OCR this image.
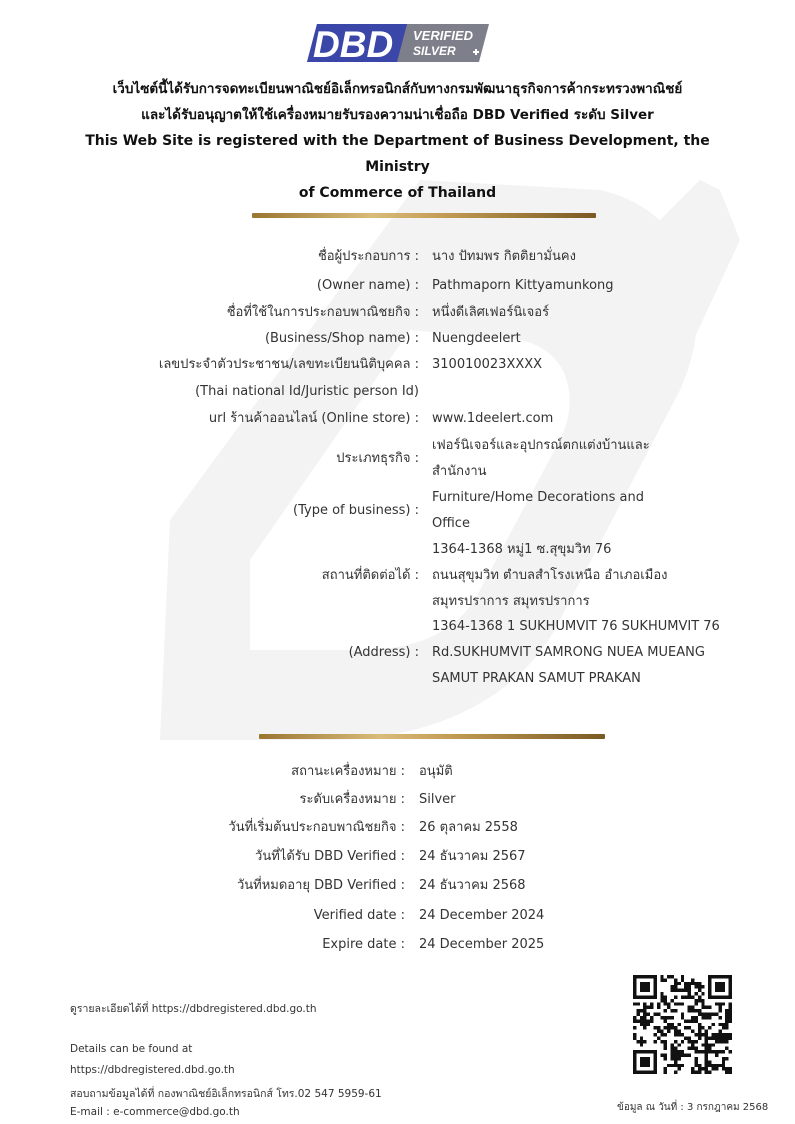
DBD VERIFIED
SILVER
เว็บไซต์นี้ได้รับการจดทะเบียนพาณิชย์อิเล็กทรอนิกส์กับทางกรมพัฒนาธุรกิจการค้ากระทรวงพาณิชย์
และได้รับอนุญาตให้ใช้เครื่องหมายรับรองความน่าเชื่อถือ DBD Verified ระดับ Silver
This Web Site is registered with the Department of Business Development, the Ministry
of Commerce of Thailand
ชื่อผู้ประกอบการ : นาง ปัทมพร กิตติยามั่นคง
(Owner name) : Pathmaporn Kittyamunkong
ชื่อที่ใช้ในการประกอบพาณิชยกิจ : หนึ่งดีเลิศเฟอร์นิเจอร์
(Business/Shop name) : Nuengdeelert
เลขประจำตัวประชาชน/เลขทะเบียนนิติบุคคล : 310010023XXXX
(Thai national Id/Juristic person Id)
url ร้านค้าออนไลน์ (Online store) : www.1deelert.com
ประเภทธุรกิจ :
เฟอร์นิเจอร์และอุปกรณ์ตกแต่งบ้านและ
สำนักงาน
(Type of business) :
Furniture/Home Decorations and
Office
สถานที่ติดต่อได้ :
1364-1368 หมู่1 ซ.สุขุมวิท 76
ถนนสุขุมวิท ตำบลสำโรงเหนือ อำเภอเมือง
สมุทรปราการ สมุทรปราการ
(Address) :
1364-1368 1 SUKHUMVIT 76 SUKHUMVIT 76
Rd.SUKHUMVIT SAMRONG NUEA MUEANG
SAMUT PRAKAN SAMUT PRAKAN
สถานะเครื่องหมาย : อนุมัติ
ระดับเครื่องหมาย : Silver
วันที่เริ่มต้นประกอบพาณิชยกิจ : 26 ตุลาคม 2558
วันที่ได้รับ DBD Verified : 24 ธันวาคม 2567
วันที่หมดอายุ DBD Verified : 24 ธันวาคม 2568
Verified date : 24 December 2024
Expire date : 24 December 2025
ดูรายละเอียดได้ที่ https://dbdregistered.dbd.go.th
Details can be found at
https://dbdregistered.dbd.go.th
สอบถามข้อมูลได้ที่ กองพาณิชย์อิเล็กทรอนิกส์ โทร.02 547 5959-61
E-mail : e-commerce@dbd.go.th	ข้อมูล ณ วันที่ : 3 กรกฎาคม 2568
